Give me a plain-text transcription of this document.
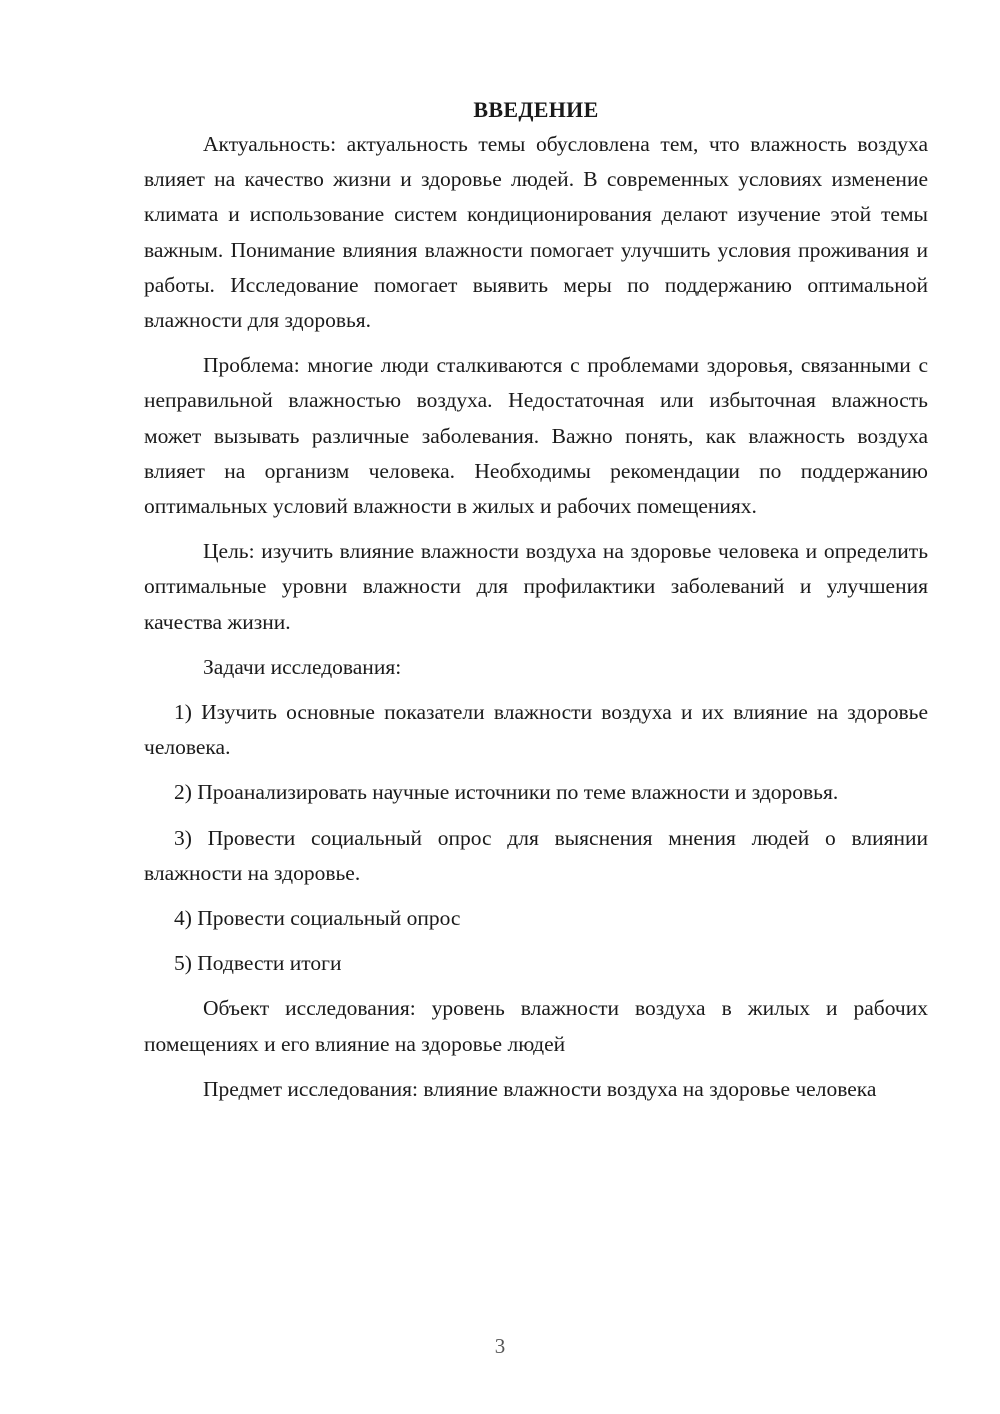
ВВЕДЕНИЕ

Актуальность: актуальность темы обусловлена тем, что влажность воздуха влияет на качество жизни и здоровье людей. В современных условиях изменение климата и использование систем кондиционирования делают изучение этой темы важным. Понимание влияния влажности помогает улучшить условия проживания и работы. Исследование помогает выявить меры по поддержанию оптимальной влажности для здоровья.

Проблема: многие люди сталкиваются с проблемами здоровья, связанными с неправильной влажностью воздуха. Недостаточная или избыточная влажность может вызывать различные заболевания. Важно понять, как влажность воздуха влияет на организм человека. Необходимы рекомендации по поддержанию оптимальных условий влажности в жилых и рабочих помещениях.

Цель: изучить влияние влажности воздуха на здоровье человека и определить оптимальные уровни влажности для профилактики заболеваний и улучшения качества жизни.

Задачи исследования:

1) Изучить основные показатели влажности воздуха и их влияние на здоровье человека.

2) Проанализировать научные источники по теме влажности и здоровья.

3) Провести социальный опрос для выяснения мнения людей о влиянии влажности на здоровье.

4) Провести социальный опрос

5) Подвести итоги

Объект исследования: уровень влажности воздуха в жилых и рабочих помещениях и его влияние на здоровье людей

Предмет исследования: влияние влажности воздуха на здоровье человека

3
